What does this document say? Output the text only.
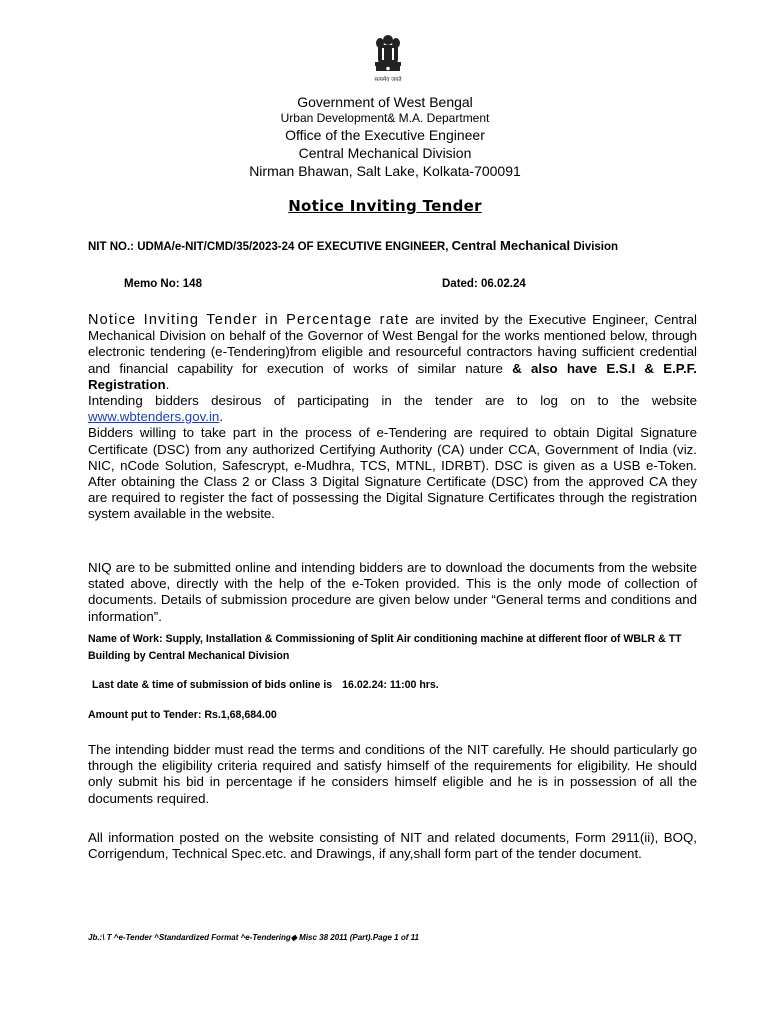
सत्यमेव जयते
Government of West Bengal
Urban Development& M.A. Department
Office of the Executive Engineer
Central Mechanical Division
Nirman Bhawan, Salt Lake, Kolkata-700091
Notice Inviting Tender
NIT NO.: UDMA/e-NIT/CMD/35/2023-24 OF EXECUTIVE ENGINEER, Central Mechanical Division
Memo No: 148	Dated: 06.02.24
Notice Inviting Tender in Percentage rate are invited by the Executive Engineer, Central Mechanical Division on behalf of the Governor of West Bengal for the works mentioned below, through electronic tendering (e-Tendering)from eligible and resourceful contractors having sufficient credential and financial capability for execution of works of similar nature & also have E.S.I & E.P.F. Registration.
Intending bidders desirous of participating in the tender are to log on to the website www.wbtenders.gov.in.
Bidders willing to take part in the process of e-Tendering are required to obtain Digital Signature Certificate (DSC) from any authorized Certifying Authority (CA) under CCA, Government of India (viz. NIC, nCode Solution, Safescrypt, e-Mudhra, TCS, MTNL, IDRBT). DSC is given as a USB e-Token. After obtaining the Class 2 or Class 3 Digital Signature Certificate (DSC) from the approved CA they are required to register the fact of possessing the Digital Signature Certificates through the registration system available in the website.
NIQ are to be submitted online and intending bidders are to download the documents from the website stated above, directly with the help of the e-Token provided. This is the only mode of collection of documents. Details of submission procedure are given below under “General terms and conditions and information”.
Name of Work: Supply, Installation & Commissioning of Split Air conditioning machine at different floor of WBLR & TT Building by Central Mechanical Division
Last date & time of submission of bids online is 16.02.24: 11:00 hrs.
Amount put to Tender: Rs.1,68,684.00
The intending bidder must read the terms and conditions of the NIT carefully. He should particularly go through the eligibility criteria required and satisfy himself of the requirements for eligibility. He should only submit his bid in percentage if he considers himself eligible and he is in possession of all the documents required.
All information posted on the website consisting of NIT and related documents, Form 2911(ii), BOQ, Corrigendum, Technical Spec.etc. and Drawings, if any,shall form part of the tender document.
Jb.:\ T ^e-Tender ^Standardized Format ^e-Tendering◆ Misc 38 2011 (Part).Page 1 of 11
